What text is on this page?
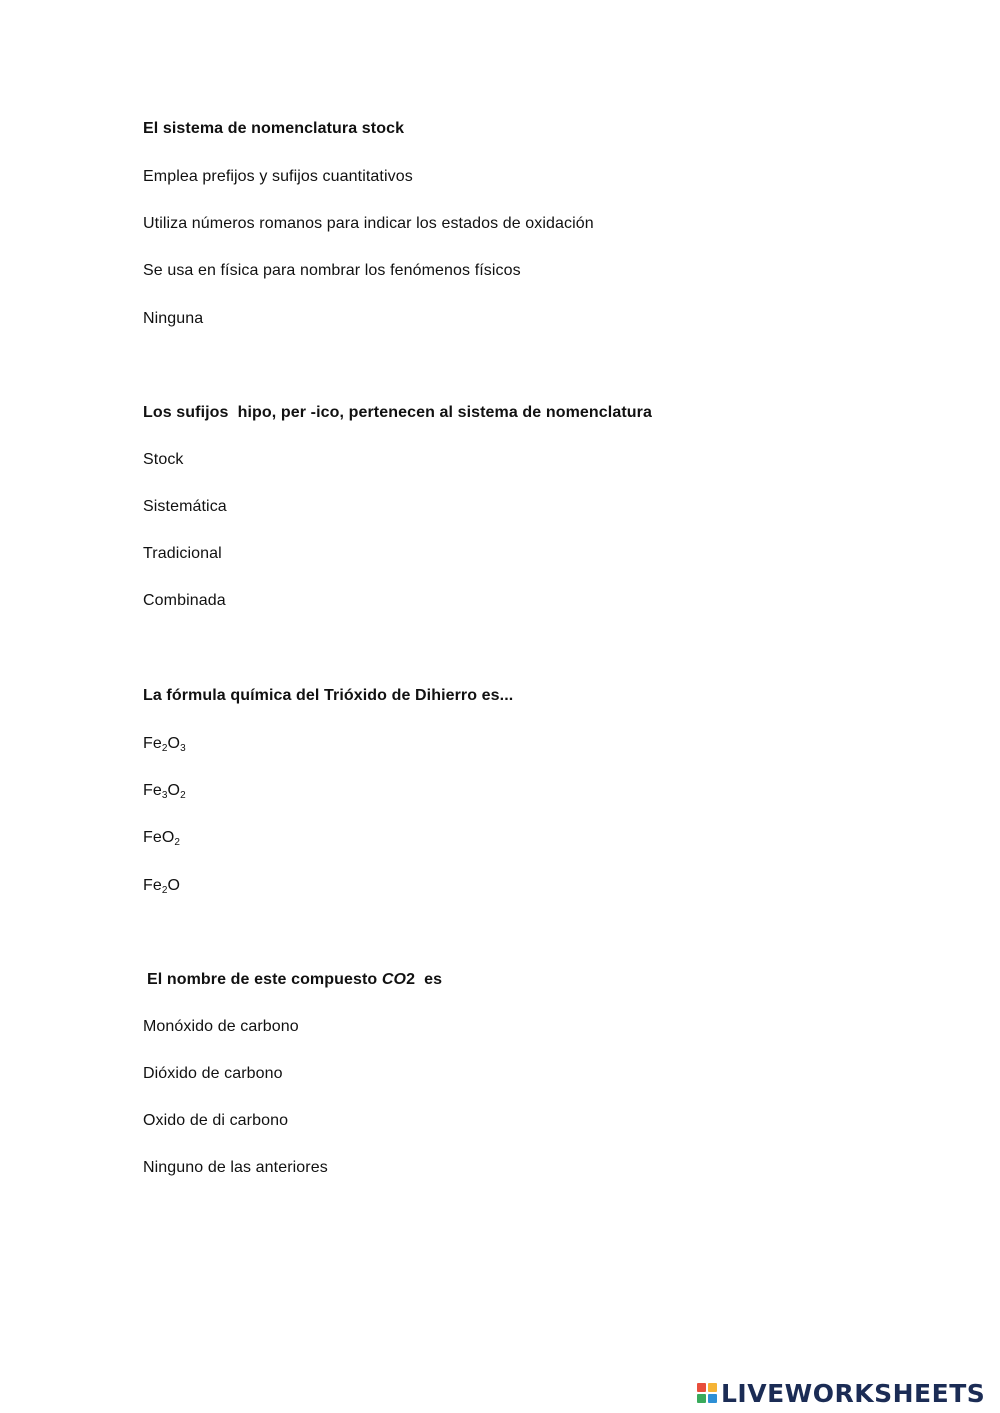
El sistema de nomenclatura stock
Emplea prefijos y sufijos cuantitativos
Utiliza números romanos para indicar los estados de oxidación
Se usa en física para nombrar los fenómenos físicos
Ninguna
Los sufijos  hipo, per -ico, pertenecen al sistema de nomenclatura
Stock
Sistemática
Tradicional
Combinada
La fórmula química del Trióxido de Dihierro es...
$Fe_2O_3$
$Fe_3O_2$
FeO$_2$
$Fe_2O$
El nombre de este compuesto CO2  es
Monóxido de carbono
Dióxido de carbono
Oxido de di carbono
Ninguno de las anteriores
LIVEWORKSHEETS
